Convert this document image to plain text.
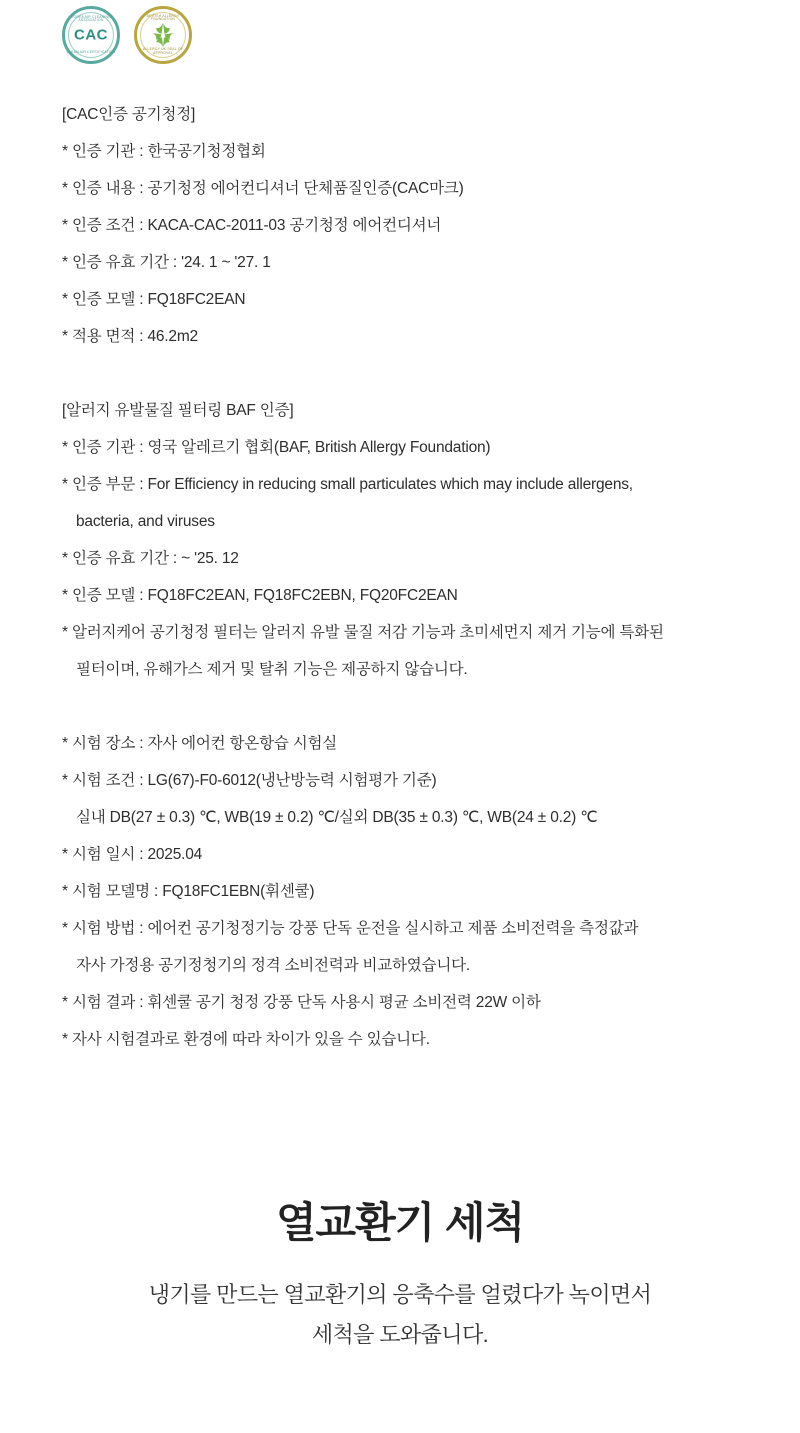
KOREA AIR CLEANING ASSOCIATION
CAC
CLEAN AIR CERTIFICATION
BRITISH ALLERGY FOUNDATION
ALLERGY UK SEAL OF APPROVAL
[CAC인증 공기청정]
* 인증 기관 : 한국공기청정협회
* 인증 내용 : 공기청정 에어컨디셔너 단체품질인증(CAC마크)
* 인증 조건 : KACA-CAC-2011-03 공기청정 에어컨디셔너
* 인증 유효 기간 : '24. 1 ~ '27. 1
* 인증 모델 : FQ18FC2EAN
* 적용 면적 : 46.2m2
[알러지 유발물질 필터링 BAF 인증]
* 인증 기관 : 영국 알레르기 협회(BAF, British Allergy Foundation)
* 인증 부문 : For Efficiency in reducing small particulates which may include allergens,
bacteria, and viruses
* 인증 유효 기간 : ~ '25. 12
* 인증 모델 : FQ18FC2EAN, FQ18FC2EBN, FQ20FC2EAN
* 알러지케어 공기청정 필터는 알러지 유발 물질 저감 기능과 초미세먼지 제거 기능에 특화된
필터이며, 유해가스 제거 및 탈취 기능은 제공하지 않습니다.
* 시험 장소 : 자사 에어컨 항온항습 시험실
* 시험 조건 : LG(67)-F0-6012(냉난방능력 시험평가 기준)
실내 DB(27 ± 0.3) ℃, WB(19 ± 0.2) ℃/실외 DB(35 ± 0.3) ℃, WB(24 ± 0.2) ℃
* 시험 일시 : 2025.04
* 시험 모델명 : FQ18FC1EBN(휘센쿨)
* 시험 방법 : 에어컨 공기청정기능 강풍 단독 운전을 실시하고 제품 소비전력을 측정값과
자사 가정용 공기정청기의 정격 소비전력과 비교하였습니다.
* 시험 결과 : 휘센쿨 공기 청정 강풍 단독 사용시 평균 소비전력 22W 이하
* 자사 시험결과로 환경에 따라 차이가 있을 수 있습니다.
열교환기 세척
냉기를 만드는 열교환기의 응축수를 얼렸다가 녹이면서
세척을 도와줍니다.
